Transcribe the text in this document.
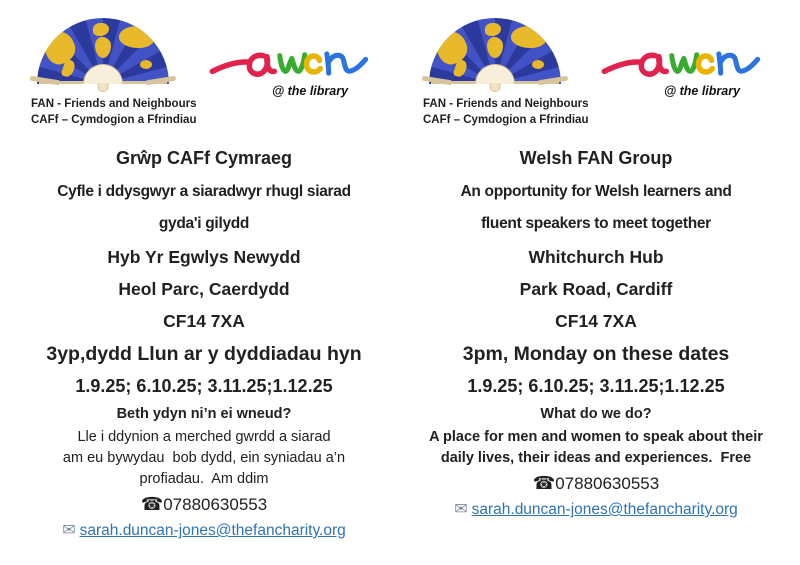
FAN - Friends and Neighbours
CAFf – Cymdogion a Ffrindiau
@ the library
Grŵp CAFf Cymraeg
Cyfle i ddysgwyr a siaradwyr rhugl siarad
gyda'i gilydd
Hyb Yr Egwlys Newydd
Heol Parc, Caerdydd
CF14 7XA
3yp,dydd Llun ar y dyddiadau hyn
1.9.25; 6.10.25; 3.11.25;1.12.25
Beth ydyn ni’n ei wneud?
Lle i ddynion a merched gwrdd a siarad
am eu bywydau  bob dydd, ein syniadau a’n
profiadau.  Am ddim
☎07880630553
✉ sarah.duncan-jones@thefancharity.org
FAN - Friends and Neighbours
CAFf – Cymdogion a Ffrindiau
@ the library
Welsh FAN Group
An opportunity for Welsh learners and
fluent speakers to meet together
Whitchurch Hub
Park Road, Cardiff
CF14 7XA
3pm, Monday on these dates
1.9.25; 6.10.25; 3.11.25;1.12.25
What do we do?
A place for men and women to speak about their
daily lives, their ideas and experiences.  Free
☎07880630553
✉ sarah.duncan-jones@thefancharity.org
